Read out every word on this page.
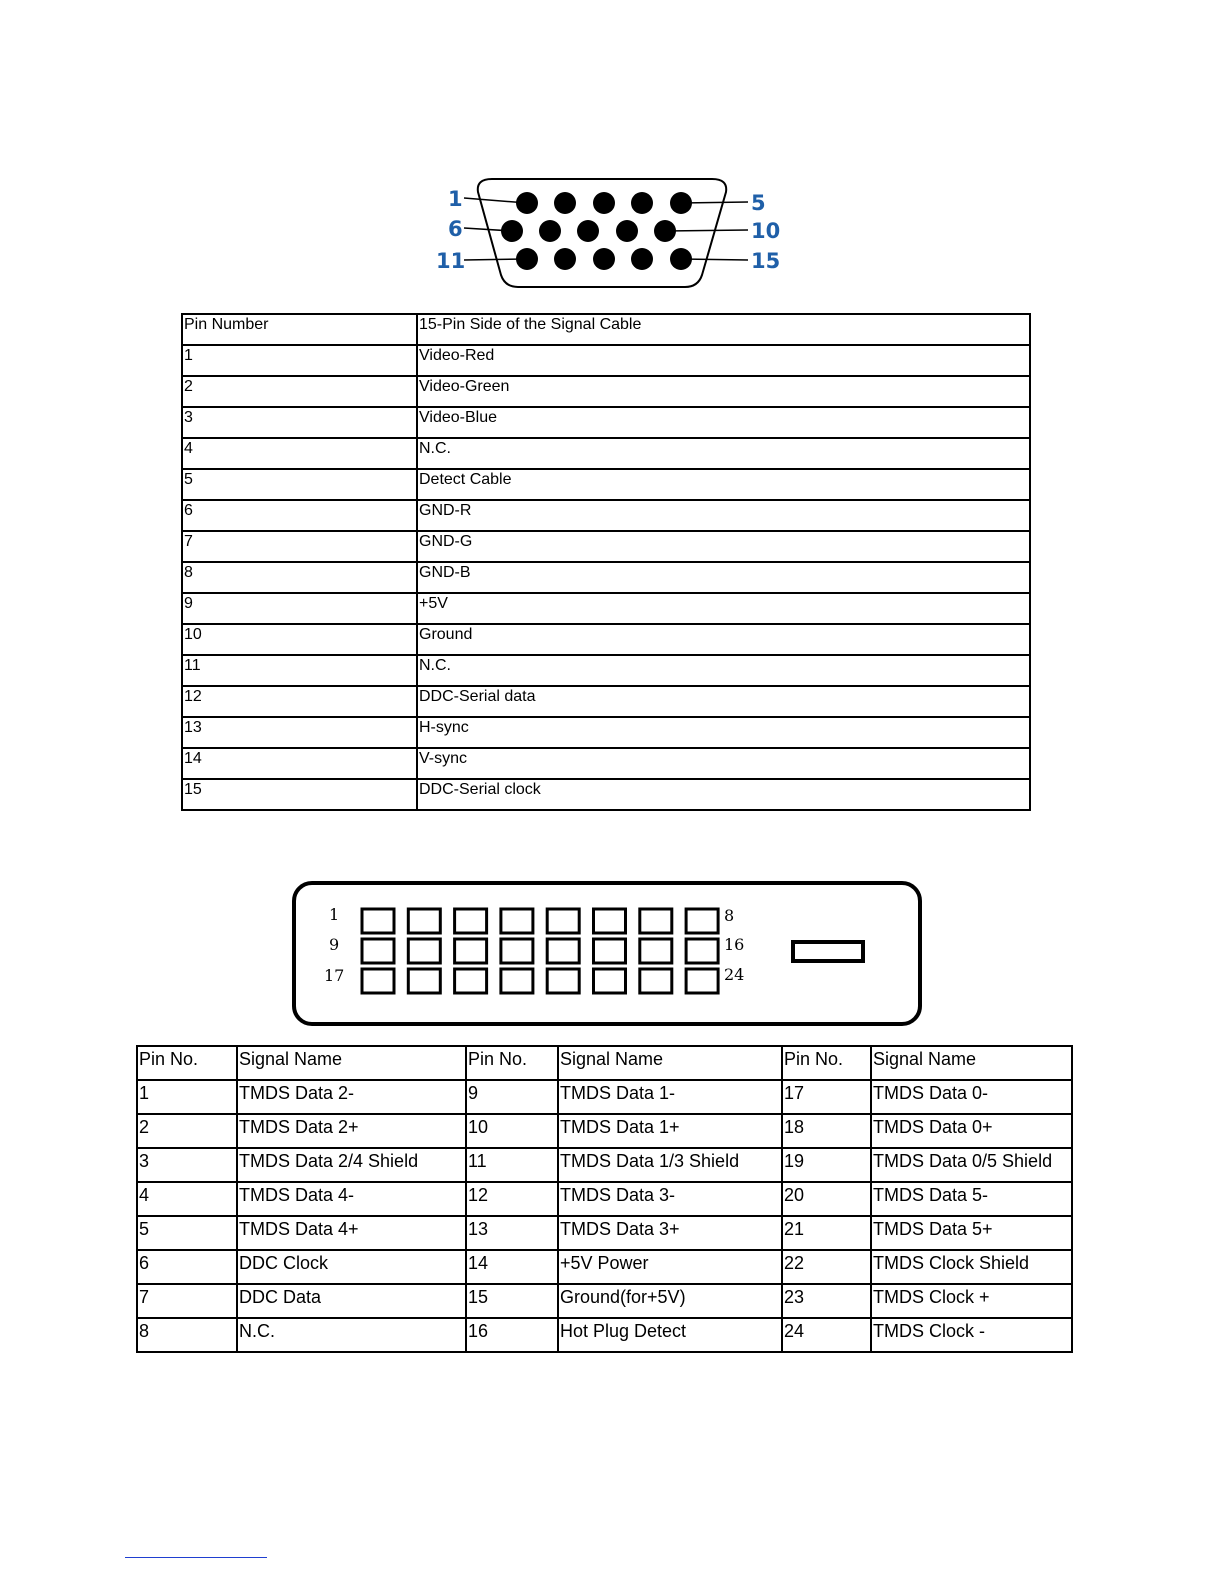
1
6
11
5
10
15
Pin Number	15-Pin Side of the Signal Cable
1	Video-Red
2	Video-Green
3	Video-Blue
4	N.C.
5	Detect Cable
6	GND-R
7	GND-G
8	GND-B
9	+5V
10	Ground
11	N.C.
12	DDC-Serial data
13	H-sync
14	V-sync
15	DDC-Serial clock
1
9
17
8
16
24
Pin No.	Signal Name	Pin No.	Signal Name	Pin No.	Signal Name
1	TMDS Data 2-	9	TMDS Data 1-	17	TMDS Data 0-
2	TMDS Data 2+	10	TMDS Data 1+	18	TMDS Data 0+
3	TMDS Data 2/4 Shield	11	TMDS Data 1/3 Shield	19	TMDS Data 0/5 Shield
4	TMDS Data 4-	12	TMDS Data 3-	20	TMDS Data 5-
5	TMDS Data 4+	13	TMDS Data 3+	21	TMDS Data 5+
6	DDC Clock	14	+5V Power	22	TMDS Clock Shield
7	DDC Data	15	Ground(for+5V)	23	TMDS Clock +
8	N.C.	16	Hot Plug Detect	24	TMDS Clock -
